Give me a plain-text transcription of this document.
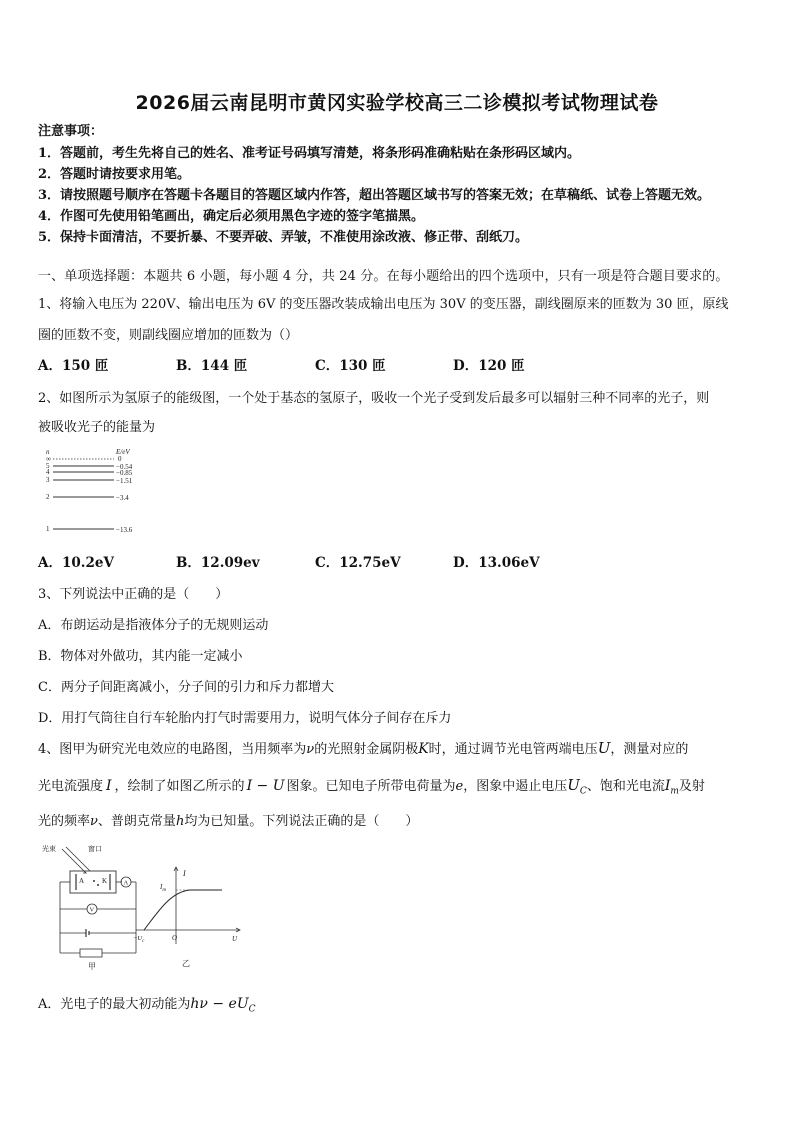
2026届云南昆明市黄冈实验学校高三二诊模拟考试物理试卷
注意事项：
1．答题前，考生先将自己的姓名、准考证号码填写清楚，将条形码准确粘贴在条形码区域内。
2．答题时请按要求用笔。
3．请按照题号顺序在答题卡各题目的答题区域内作答，超出答题区域书写的答案无效；在草稿纸、试卷上答题无效。
4．作图可先使用铅笔画出，确定后必须用黑色字迹的签字笔描黑。
5．保持卡面清洁，不要折暴、不要弄破、弄皱，不准使用涂改液、修正带、刮纸刀。
一、单项选择题：本题共 6 小题，每小题 4 分，共 24 分。在每小题给出的四个选项中，只有一项是符合题目要求的。
1、将输入电压为 220V、输出电压为 6V 的变压器改装成输出电压为 30V 的变压器，副线圈原来的匝数为 30 匝，原线
圈的匝数不变，则副线圈应增加的匝数为（）
A．150 匝	B．144 匝	C．130 匝	D．120 匝
2、如图所示为氢原子的能级图，一个处于基态的氢原子，吸收一个光子受到发后最多可以辐射三种不同率的光子，则
被吸收光子的能量为
n	E/eV
∞	0
5	−0.54
4	−0.85
3	−1.51
2	−3.4
1	−13.6
A．10.2eV	B．12.09ev	C．12.75eV	D．13.06eV
3、下列说法中正确的是（　　）
A．布朗运动是指液体分子的无规则运动
B．物体对外做功，其内能一定减小
C．两分子间距离减小，分子间的引力和斥力都增大
D．用打气筒往自行车轮胎内打气时需要用力，说明气体分子间存在斥力
4、图甲为研究光电效应的电路图，当用频率为ν的光照射金属阴极K时，通过调节光电管两端电压U，测量对应的
光电流强度 I ，绘制了如图乙所示的 I − U 图象。已知电子所带电荷量为e，图象中遏止电压$U_C$、饱和光电流$I_m$及射
光的频率ν、普朗克常量h均为已知量。下列说法正确的是（　　）
光束	窗口
A	K	A
V
甲
I
$I_m$
$-U_c$	O	U
乙
A．光电子的最大初动能为$h\nu - eU_C$
